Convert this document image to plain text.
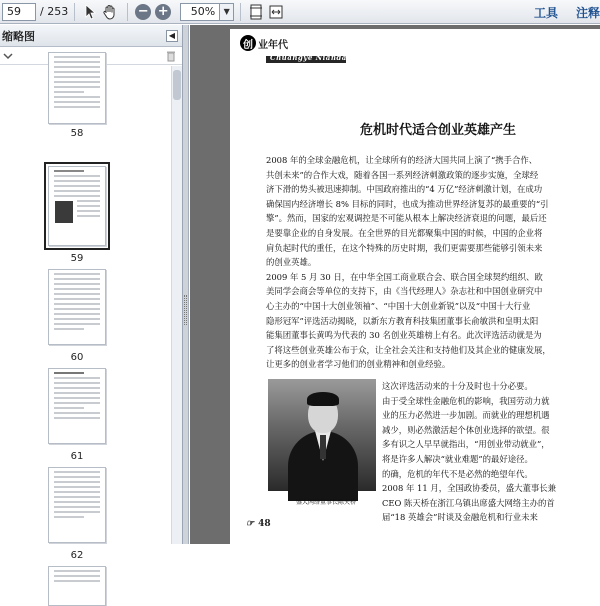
59	/ 253	− +	50%	▼	工具 注释
缩略图	◀
58
59
60
61
62
创 业年代
Chuangye Niandai
危机时代适合创业英雄产生
2008 年的全球金融危机，让全球所有的经济大国共同上演了“携手合作、
共创未来”的合作大戏，随着各国一系列经济刺激政策的逐步实施，全球经
济下滑的势头被迅速抑制。中国政府推出的“4 万亿”经济刺激计划，在成功
确保国内经济增长 8% 目标的同时，也成为推动世界经济复苏的最重要的“引
擎”。然而，国家的宏观调控是不可能从根本上解决经济衰退的问题，最后还
是要靠企业的自身发展。在全世界的目光都聚集中国的时候，中国的企业将
肩负起时代的重任，在这个特殊的历史时期，我们更需要那些能够引领未来
的创业英雄。
2009 年 5 月 30 日，在中华全国工商业联合会、联合国全球契约组织、欧
美同学会商会等单位的支持下，由《当代经理人》杂志社和中国创业研究中
心主办的“中国十大创业领袖”、“中国十大创业新锐”以及“中国十大行业
隐形冠军”评选活动揭晓，以新东方教育科技集团董事长俞敏洪和皇明太阳
能集团董事长黄鸣为代表的 30 名创业英雄榜上有名。此次评选活动就是为
了将这些创业英雄公布于众，让全社会关注和支持他们及其企业的健康发展，
让更多的创业者学习他们的创业精神和创业经验。
这次评选活动来的十分及时也十分必要。
由于受全球性金融危机的影响，我国劳动力就
业的压力必然进一步加剧。而就业的理想机遇
减少，则必然激活起个体创业选择的欲望。很
多有识之人早早就指出，“用创业带动就业”，
将是许多人解决“就业难题”的最好途径。
的确，危机的年代不是必然的绝望年代。
2008 年 11 月，全国政协委员，盛大董事长兼
CEO 陈天桥在浙江乌镇出席盛大网络主办的首
届“18 英雄会”时谈及金融危机和行业未来
盛大网络董事长陈天桥
☞ 48
